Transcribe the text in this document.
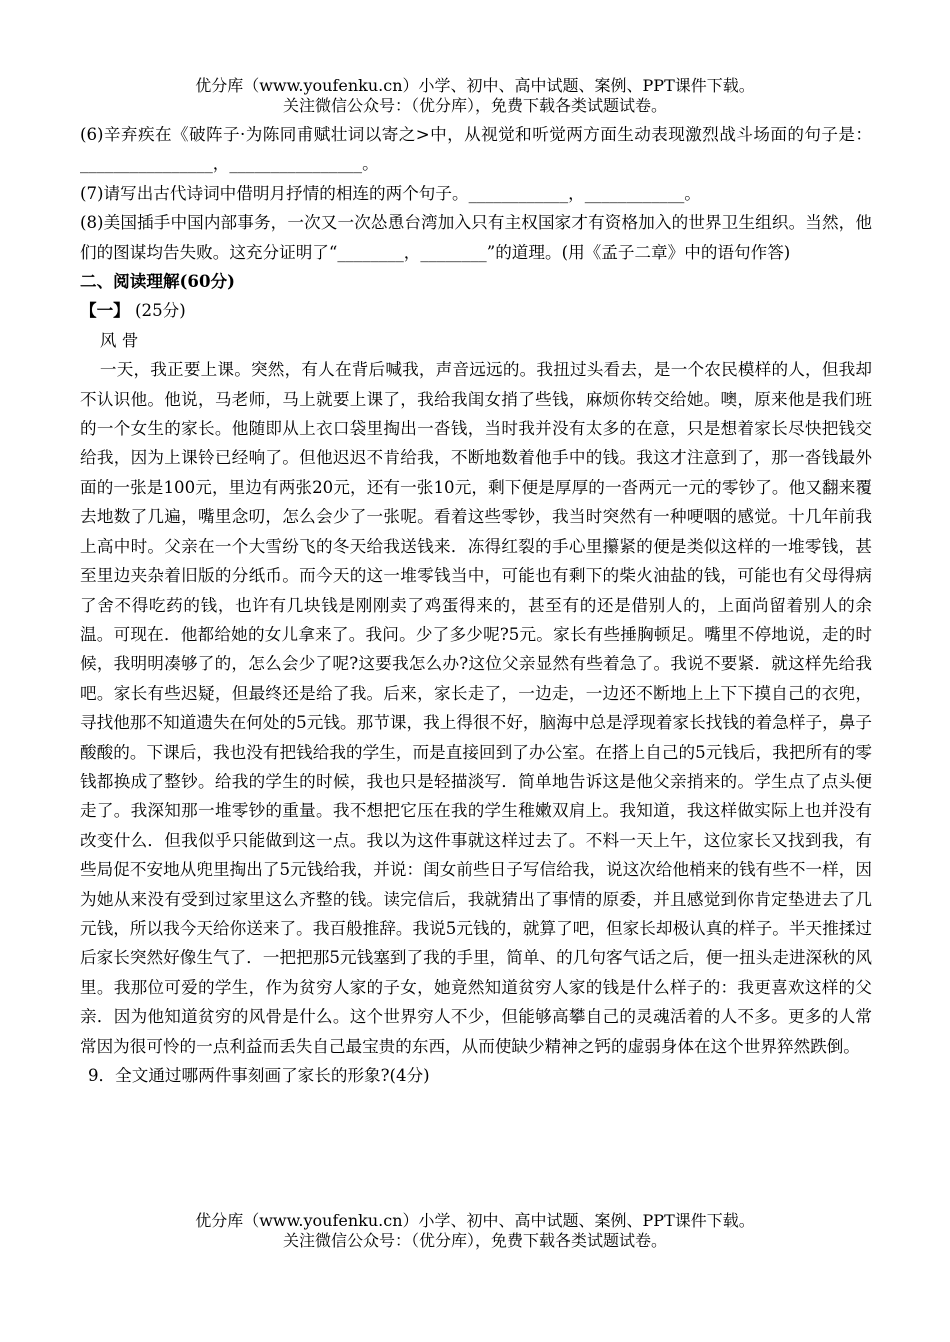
优分库（www.youfenku.cn）小学、初中、高中试题、案例、PPT课件下载。
关注微信公众号：（优分库），免费下载各类试题试卷。

(6)辛弃疾在《破阵子·为陈同甫赋壮词以寄之>中，从视觉和听觉两方面生动表现激烈战斗场面的句子是：________________，________________。

(7)请写出古代诗词中借明月抒情的相连的两个句子。____________，____________。

(8)美国插手中国内部事务，一次又一次怂恿台湾加入只有主权国家才有资格加入的世界卫生组织。当然，他们的图谋均告失败。这充分证明了“________，________”的道理。(用《孟子二章》中的语句作答)

二、阅读理解(60分)

【一】 (25分)

风 骨

一天，我正要上课。突然，有人在背后喊我，声音远远的。我扭过头看去，是一个农民模样的人，但我却不认识他。他说，马老师，马上就要上课了，我给我闺女捎了些钱，麻烦你转交给她。噢，原来他是我们班的一个女生的家长。他随即从上衣口袋里掏出一沓钱，当时我并没有太多的在意，只是想着家长尽快把钱交给我，因为上课铃已经响了。但他迟迟不肯给我，不断地数着他手中的钱。我这才注意到了，那一沓钱最外面的一张是100元，里边有两张20元，还有一张10元，剩下便是厚厚的一沓两元一元的零钞了。他又翻来覆去地数了几遍，嘴里念叨，怎么会少了一张呢。看着这些零钞，我当时突然有一种哽咽的感觉。十几年前我上高中时。父亲在一个大雪纷飞的冬天给我送钱来．冻得红裂的手心里攥紧的便是类似这样的一堆零钱，甚至里边夹杂着旧版的分纸币。而今天的这一堆零钱当中，可能也有剩下的柴火油盐的钱，可能也有父母得病了舍不得吃药的钱，也许有几块钱是刚刚卖了鸡蛋得来的，甚至有的还是借别人的，上面尚留着别人的余温。可现在．他都给她的女儿拿来了。我问。少了多少呢?5元。家长有些捶胸顿足。嘴里不停地说，走的时候，我明明凑够了的，怎么会少了呢?这要我怎么办?这位父亲显然有些着急了。我说不要紧．就这样先给我吧。家长有些迟疑，但最终还是给了我。后来，家长走了，一边走，一边还不断地上上下下摸自己的衣兜，寻找他那不知道遗失在何处的5元钱。那节课，我上得很不好，脑海中总是浮现着家长找钱的着急样子，鼻子酸酸的。下课后，我也没有把钱给我的学生，而是直接回到了办公室。在搭上自己的5元钱后，我把所有的零钱都换成了整钞。给我的学生的时候，我也只是轻描淡写．简单地告诉这是他父亲捎来的。学生点了点头便走了。我深知那一堆零钞的重量。我不想把它压在我的学生稚嫩双肩上。我知道，我这样做实际上也并没有改变什么．但我似乎只能做到这一点。我以为这件事就这样过去了。不料一天上午，这位家长又找到我，有些局促不安地从兜里掏出了5元钱给我，并说：闺女前些日子写信给我，说这次给他梢来的钱有些不一样，因为她从来没有受到过家里这么齐整的钱。读完信后，我就猜出了事情的原委，并且感觉到你肯定垫进去了几元钱，所以我今天给你送来了。我百般推辞。我说5元钱的，就算了吧，但家长却极认真的样子。半天推揉过后家长突然好像生气了．一把把那5元钱塞到了我的手里，简单、的几句客气话之后，便一扭头走进深秋的风里。我那位可爱的学生，作为贫穷人家的子女，她竟然知道贫穷人家的钱是什么样子的：我更喜欢这样的父亲．因为他知道贫穷的风骨是什么。这个世界穷人不少，但能够高攀自己的灵魂活着的人不多。更多的人常常因为很可怜的一点利益而丢失自己最宝贵的东西，从而使缺少精神之钙的虚弱身体在这个世界猝然跌倒。

9．全文通过哪两件事刻画了家长的形象?(4分)

优分库（www.youfenku.cn）小学、初中、高中试题、案例、PPT课件下载。
关注微信公众号：（优分库），免费下载各类试题试卷。
